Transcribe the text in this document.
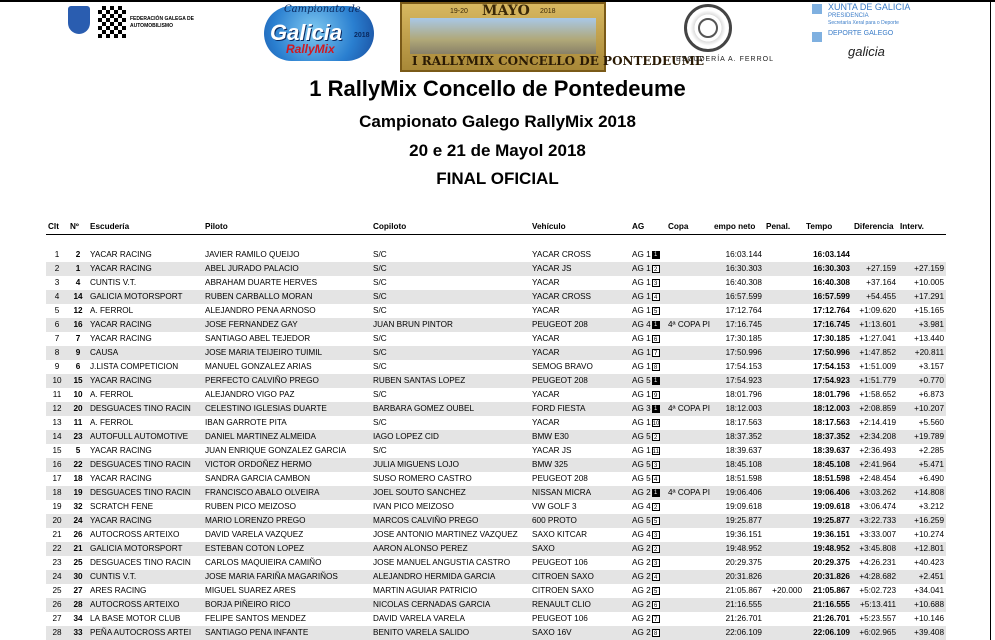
FEDERACIÓN GALEGA DE AUTOMOBILISMO
Campionato de
Galicia
RallyMix
2018
19-20 MAYO 2018
I RALLYMIX CONCELLO DE PONTEDEUME
ESCUDERÍA A. FERROL
XUNTA DE GALICIA
PRESIDENCIA
Secretaría Xeral para o Deporte
DEPORTE GALEGO
galicia
1 RallyMix Concello de Pontedeume
Campionato Galego RallyMix 2018
20 e 21 de Mayol 2018
FINAL OFICIAL
Clt	Nº	Escudería	Piloto	Copiloto	Vehículo	AG	Copa	empo neto	Penal.	Tempo	Diferencia	Interv.

1	2	YACAR RACING	JAVIER RAMILO QUEIJO	S/C	YACAR CROSS	AG 1 1		16:03.144		16:03.144		
2	1	YACAR RACING	ABEL JURADO PALACIO	S/C	YACAR JS	AG 1 2		16:30.303		16:30.303	+27.159	+27.159
3	4	CUNTIS V.T.	ABRAHAM DUARTE HERVES	S/C	YACAR	AG 1 3		16:40.308		16:40.308	+37.164	+10.005
4	14	GALICIA MOTORSPORT	RUBEN CARBALLO MORAN	S/C	YACAR CROSS	AG 1 4		16:57.599		16:57.599	+54.455	+17.291
5	12	A. FERROL	ALEJANDRO PENA ARNOSO	S/C	YACAR	AG 1 5		17:12.764		17:12.764	+1:09.620	+15.165
6	16	YACAR RACING	JOSE FERNANDEZ GAY	JUAN BRUN PINTOR	PEUGEOT 208	AG 4 1	4ª COPA PI	17:16.745		17:16.745	+1:13.601	+3.981
7	7	YACAR RACING	SANTIAGO ABEL TEJEDOR	S/C	YACAR	AG 1 6		17:30.185		17:30.185	+1:27.041	+13.440
8	9	CAUSA	JOSE MARIA TEIJEIRO TUIMIL	S/C	YACAR	AG 1 7		17:50.996		17:50.996	+1:47.852	+20.811
9	6	J.LISTA COMPETICION	MANUEL GONZALEZ ARIAS	S/C	SEMOG BRAVO	AG 1 8		17:54.153		17:54.153	+1:51.009	+3.157
10	15	YACAR RACING	PERFECTO CALVIÑO PREGO	RUBEN SANTAS LOPEZ	PEUGEOT 208	AG 5 1		17:54.923		17:54.923	+1:51.779	+0.770
11	10	A. FERROL	ALEJANDRO VIGO PAZ	S/C	YACAR	AG 1 9		18:01.796		18:01.796	+1:58.652	+6.873
12	20	DESGUACES TINO RACIN	CELESTINO IGLESIAS DUARTE	BARBARA GOMEZ OUBEL	FORD FIESTA	AG 3 1	4ª COPA PI	18:12.003		18:12.003	+2:08.859	+10.207
13	11	A. FERROL	IBAN GARROTE PITA	S/C	YACAR	AG 1 10		18:17.563		18:17.563	+2:14.419	+5.560
14	23	AUTOFULL AUTOMOTIVE	DANIEL MARTINEZ ALMEIDA	IAGO LOPEZ CID	BMW E30	AG 5 2		18:37.352		18:37.352	+2:34.208	+19.789
15	5	YACAR RACING	JUAN ENRIQUE GONZALEZ GARCIA	S/C	YACAR JS	AG 1 11		18:39.637		18:39.637	+2:36.493	+2.285
16	22	DESGUACES TINO RACIN	VICTOR ORDOÑEZ HERMO	JULIA MIGUENS LOJO	BMW 325	AG 5 3		18:45.108		18:45.108	+2:41.964	+5.471
17	18	YACAR RACING	SANDRA GARCIA CAMBON	SUSO ROMERO CASTRO	PEUGEOT 208	AG 5 4		18:51.598		18:51.598	+2:48.454	+6.490
18	19	DESGUACES TINO RACIN	FRANCISCO ABALO OLVEIRA	JOEL SOUTO SANCHEZ	NISSAN MICRA	AG 2 1	4ª COPA PI	19:06.406		19:06.406	+3:03.262	+14.808
19	32	SCRATCH FENE	RUBEN PICO MEIZOSO	IVAN PICO MEIZOSO	VW GOLF 3	AG 4 2		19:09.618		19:09.618	+3:06.474	+3.212
20	24	YACAR RACING	MARIO LORENZO PREGO	MARCOS CALVIÑO PREGO	600 PROTO	AG 5 5		19:25.877		19:25.877	+3:22.733	+16.259
21	26	AUTOCROSS ARTEIXO	DAVID VARELA VAZQUEZ	JOSE ANTONIO MARTINEZ VAZQUEZ	SAXO KITCAR	AG 4 3		19:36.151		19:36.151	+3:33.007	+10.274
22	21	GALICIA MOTORSPORT	ESTEBAN COTON LOPEZ	AARON ALONSO PEREZ	SAXO	AG 2 2		19:48.952		19:48.952	+3:45.808	+12.801
23	25	DESGUACES TINO RACIN	CARLOS MAQUIEIRA CAMIÑO	JOSE MANUEL ANGUSTIA CASTRO	PEUGEOT 106	AG 2 3		20:29.375		20:29.375	+4:26.231	+40.423
24	30	CUNTIS V.T.	JOSE MARIA FARIÑA MAGARIÑOS	ALEJANDRO HERMIDA GARCIA	CITROEN SAXO	AG 2 4		20:31.826		20:31.826	+4:28.682	+2.451
25	27	ARES RACING	MIGUEL SUAREZ ARES	MARTIN AGUIAR PATRICIO	CITROEN SAXO	AG 2 5		21:05.867	+20.000	21:05.867	+5:02.723	+34.041
26	28	AUTOCROSS ARTEIXO	BORJA PIÑEIRO RICO	NICOLAS CERNADAS GARCIA	RENAULT CLIO	AG 2 6		21:16.555		21:16.555	+5:13.411	+10.688
27	34	LA BASE MOTOR CLUB	FELIPE SANTOS MENDEZ	DAVID VARELA VARELA	PEUGEOT 106	AG 2 7		21:26.701		21:26.701	+5:23.557	+10.146
28	33	PEÑA AUTOCROSS ARTEI	SANTIAGO PENA INFANTE	BENITO VARELA SALIDO	SAXO 16V	AG 2 8		22:06.109		22:06.109	+6:02.965	+39.408
